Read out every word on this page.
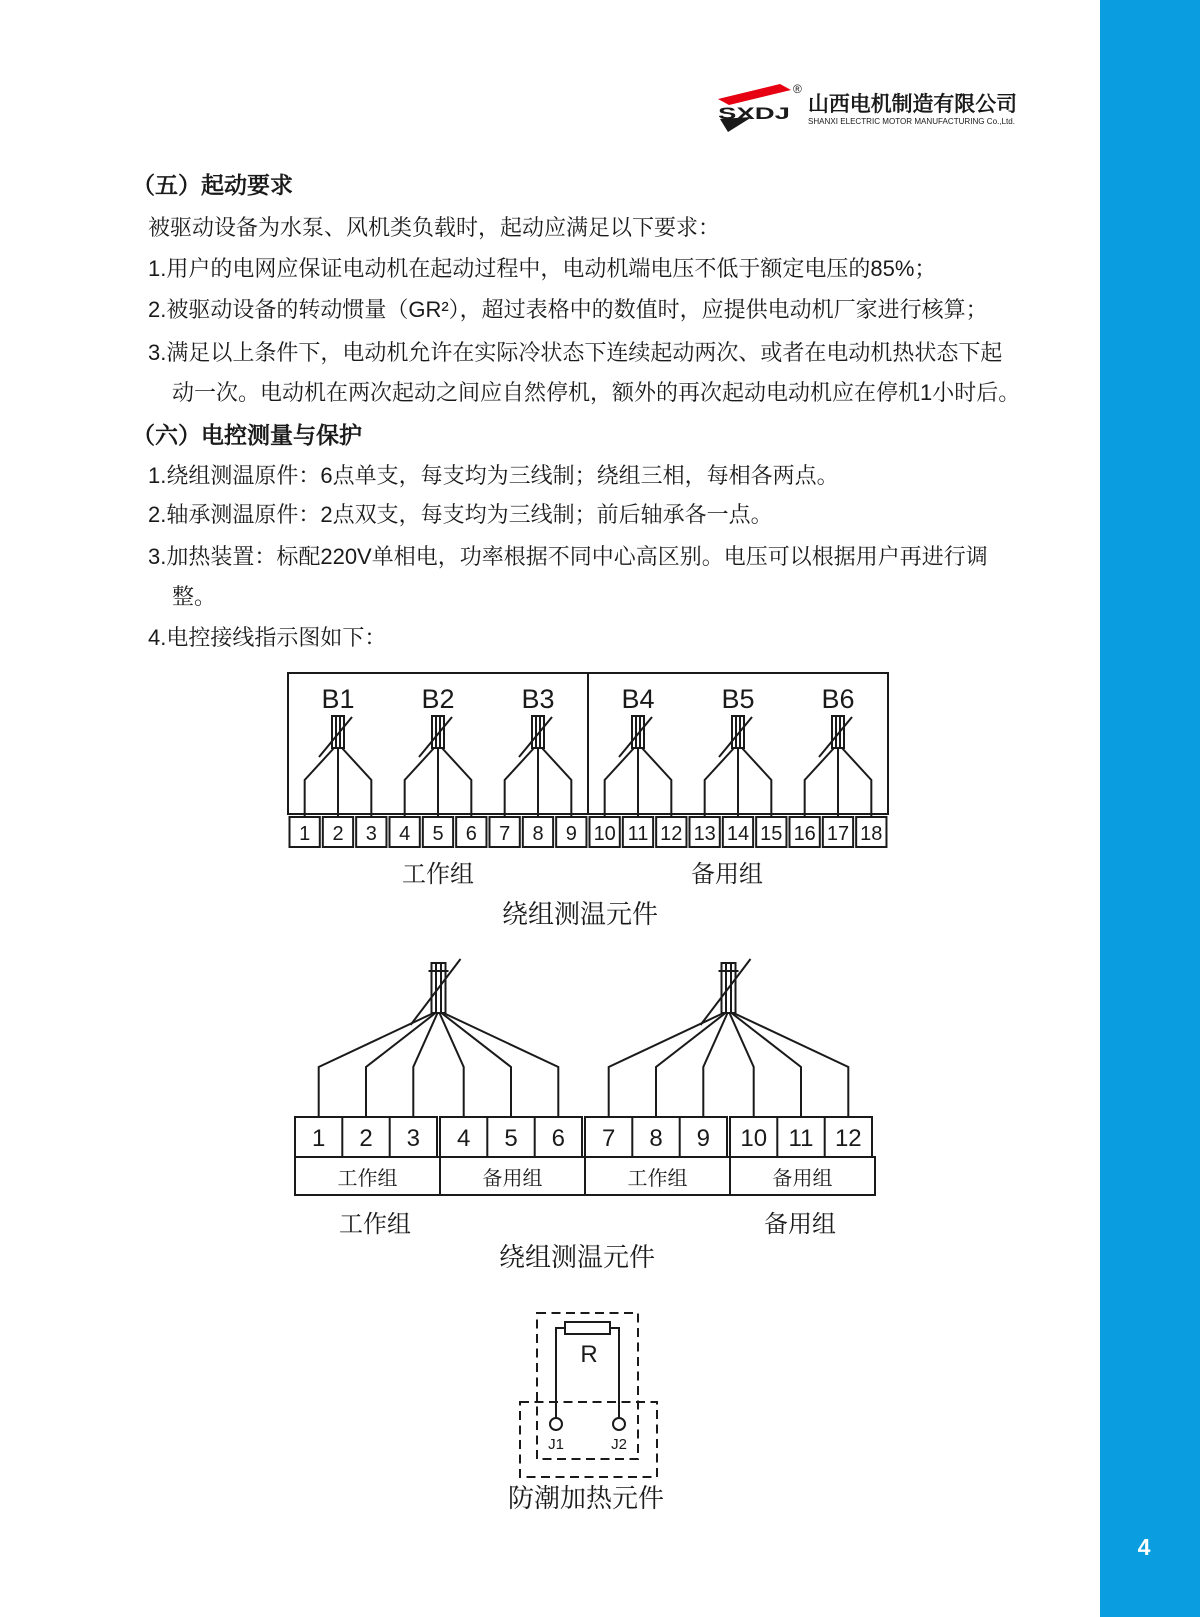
SXDJ
®
山西电机制造有限公司
SHANXI ELECTRIC MOTOR MANUFACTURING Co.,Ltd.
（五）起动要求
被驱动设备为水泵、风机类负载时，起动应满足以下要求：
1.用户的电网应保证电动机在起动过程中，电动机端电压不低于额定电压的85%；
2.被驱动设备的转动惯量（GR²），超过表格中的数值时，应提供电动机厂家进行核算；
3.满足以上条件下，电动机允许在实际冷状态下连续起动两次、或者在电动机热状态下起
动一次。电动机在两次起动之间应自然停机，额外的再次起动电动机应在停机1小时后。
（六）电控测量与保护
1.绕组测温原件：6点单支，每支均为三线制；绕组三相，每相各两点。
2.轴承测温原件：2点双支，每支均为三线制；前后轴承各一点。
3.加热装置：标配220V单相电，功率根据不同中心高区别。电压可以根据用户再进行调
整。
4.电控接线指示图如下：
B1 B2 B3 B4 B5 B6
1 2 3 4 5 6 7 8 9 10 11 12 13 14 15 16 17 18
工作组	备用组
绕组测温元件
1 2 3 4 5 6 7 8 9 10 11 12
工作组	备用组	工作组	备用组
工作组	备用组
绕组测温元件
R
J1	J2
防潮加热元件
4
